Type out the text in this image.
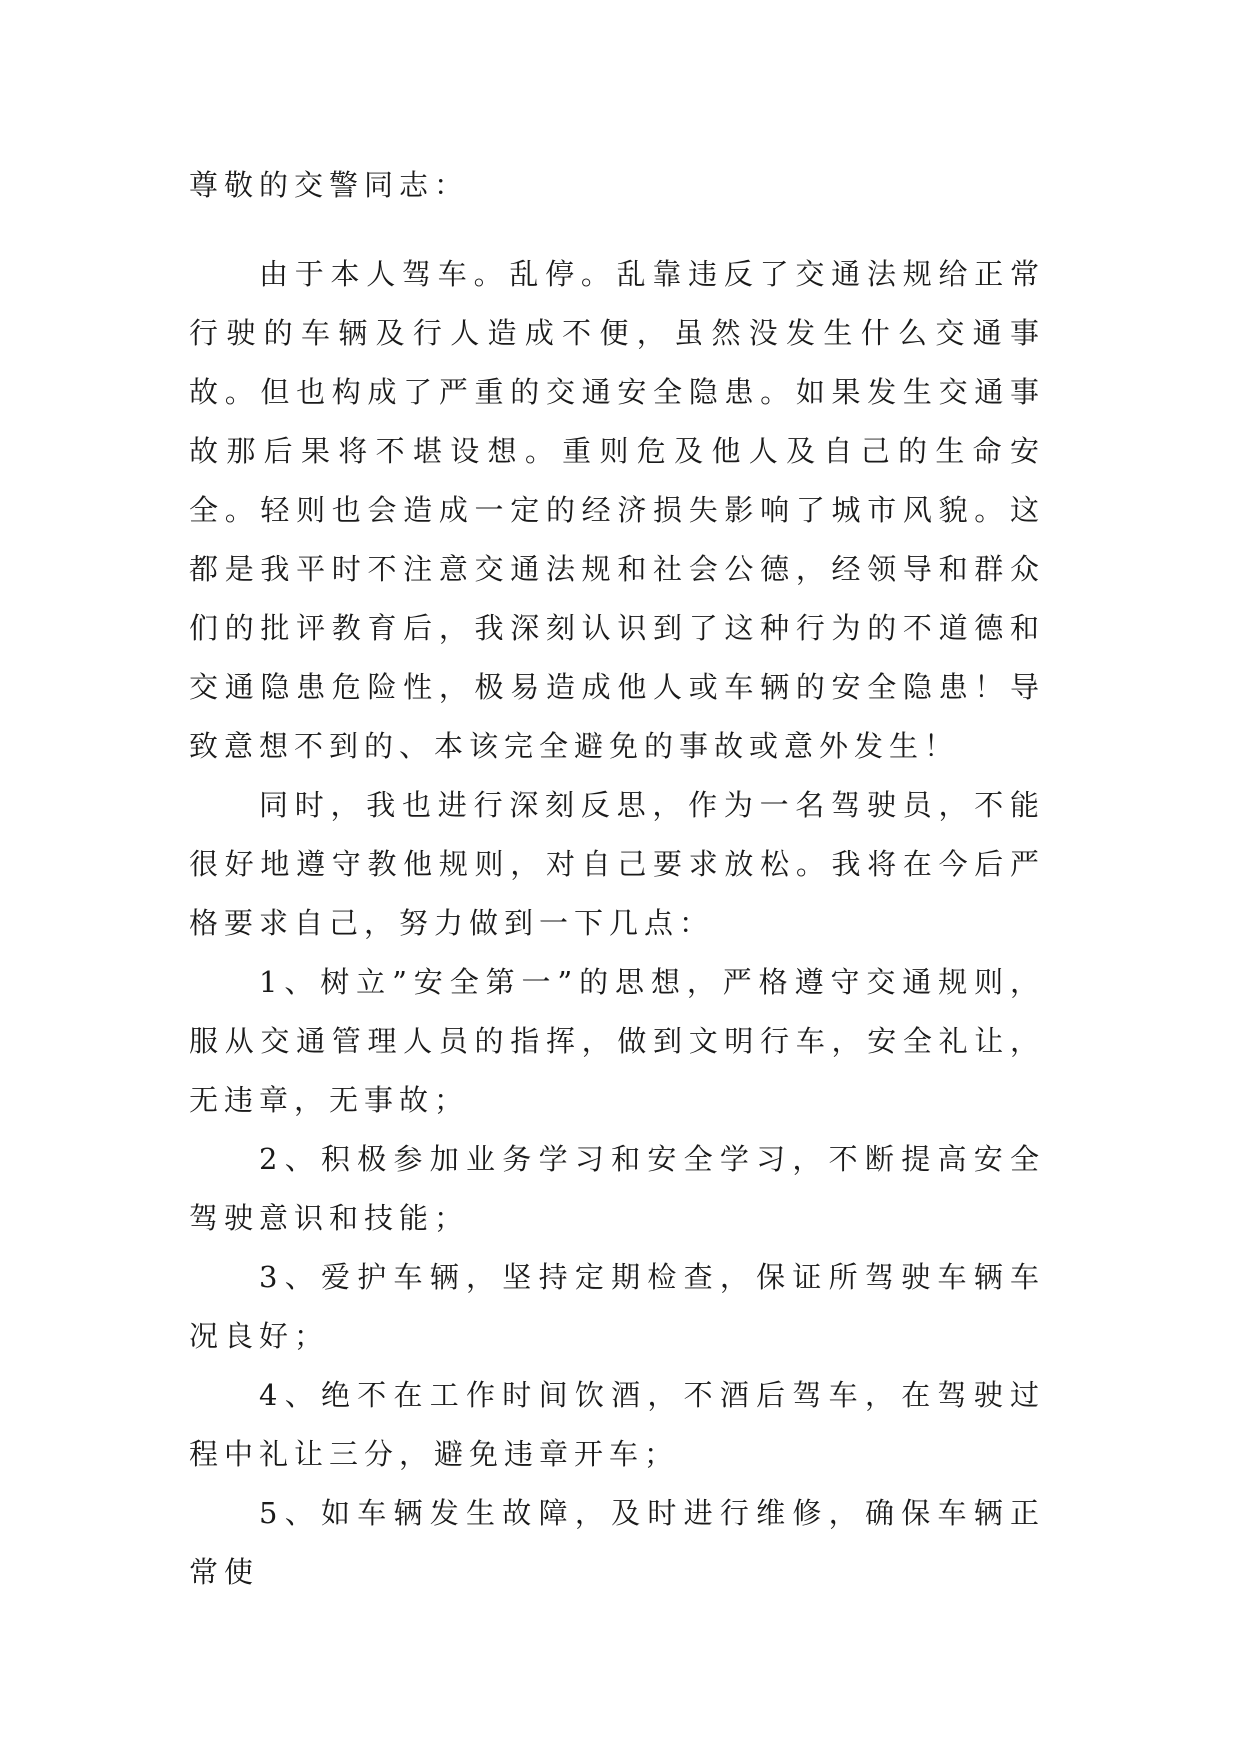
尊敬的交警同志：

由于本人驾车。乱停。乱靠违反了交通法规给正常行驶的车辆及行人造成不便，虽然没发生什么交通事故。但也构成了严重的交通安全隐患。如果发生交通事故那后果将不堪设想。重则危及他人及自己的生命安全。轻则也会造成一定的经济损失影响了城市风貌。这都是我平时不注意交通法规和社会公德，经领导和群众们的批评教育后，我深刻认识到了这种行为的不道德和交通隐患危险性，极易造成他人或车辆的安全隐患！导致意想不到的、本该完全避免的事故或意外发生！

同时，我也进行深刻反思，作为一名驾驶员，不能很好地遵守教他规则，对自己要求放松。我将在今后严格要求自己，努力做到一下几点：

1、树立”安全第一”的思想，严格遵守交通规则，服从交通管理人员的指挥，做到文明行车，安全礼让，无违章，无事故；

2、积极参加业务学习和安全学习，不断提高安全驾驶意识和技能；

3、爱护车辆，坚持定期检查，保证所驾驶车辆车况良好；

4、绝不在工作时间饮酒，不酒后驾车，在驾驶过程中礼让三分，避免违章开车；

5、如车辆发生故障，及时进行维修，确保车辆正常使
